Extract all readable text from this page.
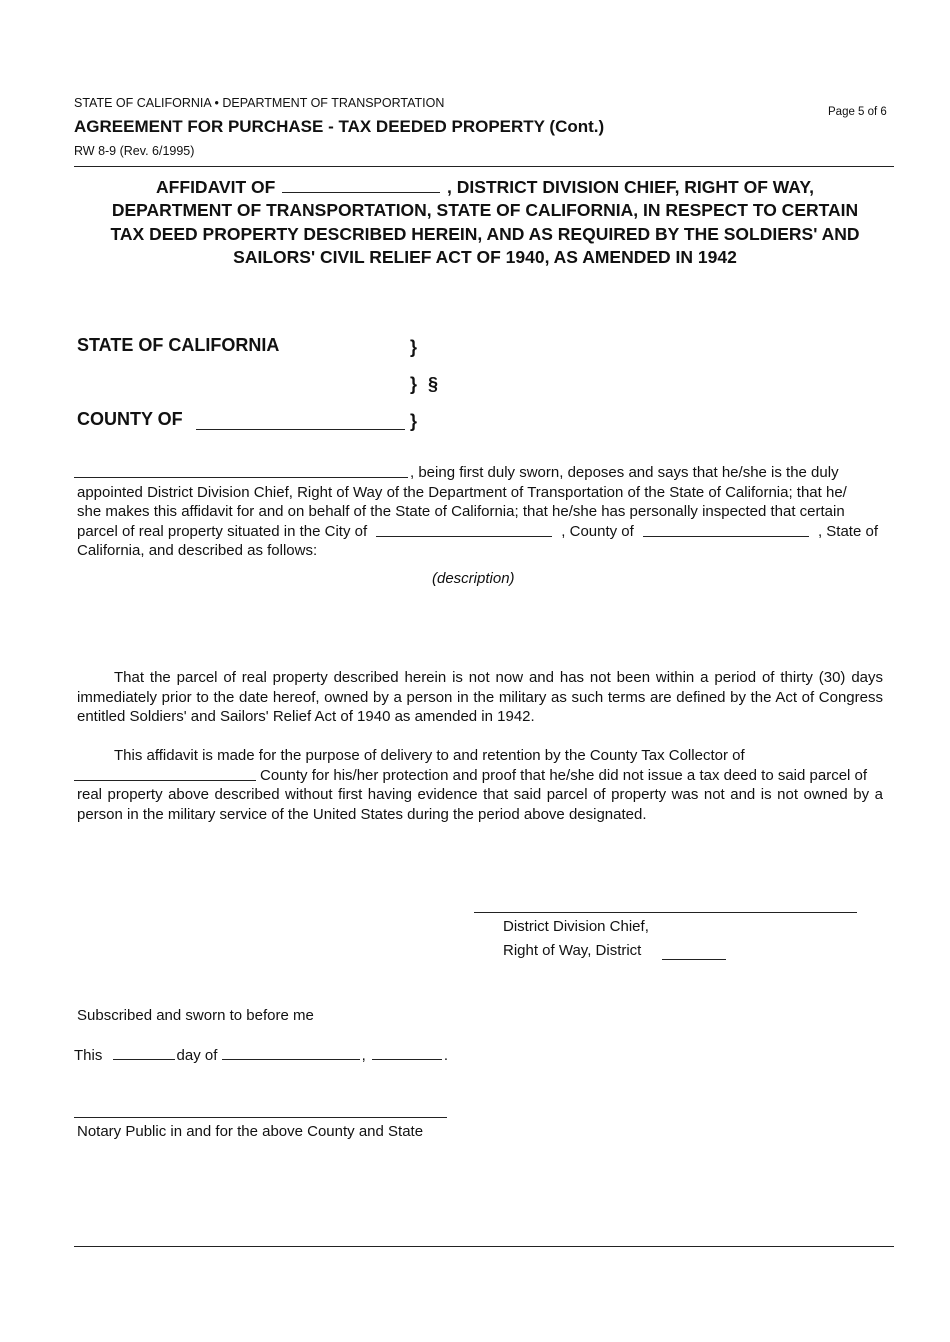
STATE OF CALIFORNIA • DEPARTMENT OF TRANSPORTATION
AGREEMENT FOR PURCHASE - TAX DEEDED PROPERTY (Cont.)
RW 8-9 (Rev. 6/1995)
Page 5 of 6
AFFIDAVIT OF	, DISTRICT DIVISION CHIEF, RIGHT OF WAY,
DEPARTMENT OF TRANSPORTATION, STATE OF CALIFORNIA, IN RESPECT TO CERTAIN
TAX DEED PROPERTY DESCRIBED HEREIN, AND AS REQUIRED BY THE SOLDIERS' AND
SAILORS' CIVIL RELIEF ACT OF 1940, AS AMENDED IN 1942
STATE OF CALIFORNIA	}
} §
COUNTY OF	}
, being first duly sworn, deposes and says that he/she is the duly
appointed District Division Chief, Right of Way of the Department of Transportation of the State of California; that he/
she makes this affidavit for and on behalf of the State of California; that he/she has personally inspected that certain
parcel of real property situated in the City of	, County of	, State of
California, and described as follows:
(description)
That the parcel of real property described herein is not now and has not been within a period of thirty (30) days immediately prior to the date hereof, owned by a person in the military as such terms are defined by the Act of Congress entitled Soldiers' and Sailors' Relief Act of 1940 as amended in 1942.
This affidavit is made for the purpose of delivery to and retention by the County Tax Collector of
County for his/her protection and proof that he/she did not issue a tax deed to said parcel of
real property above described without first having evidence that said parcel of property was not and is not owned by a person in the military service of the United States during the period above designated.
District Division Chief,
Right of Way, District
Subscribed and sworn to before me
This	day of	,	.
Notary Public in and for the above County and State
